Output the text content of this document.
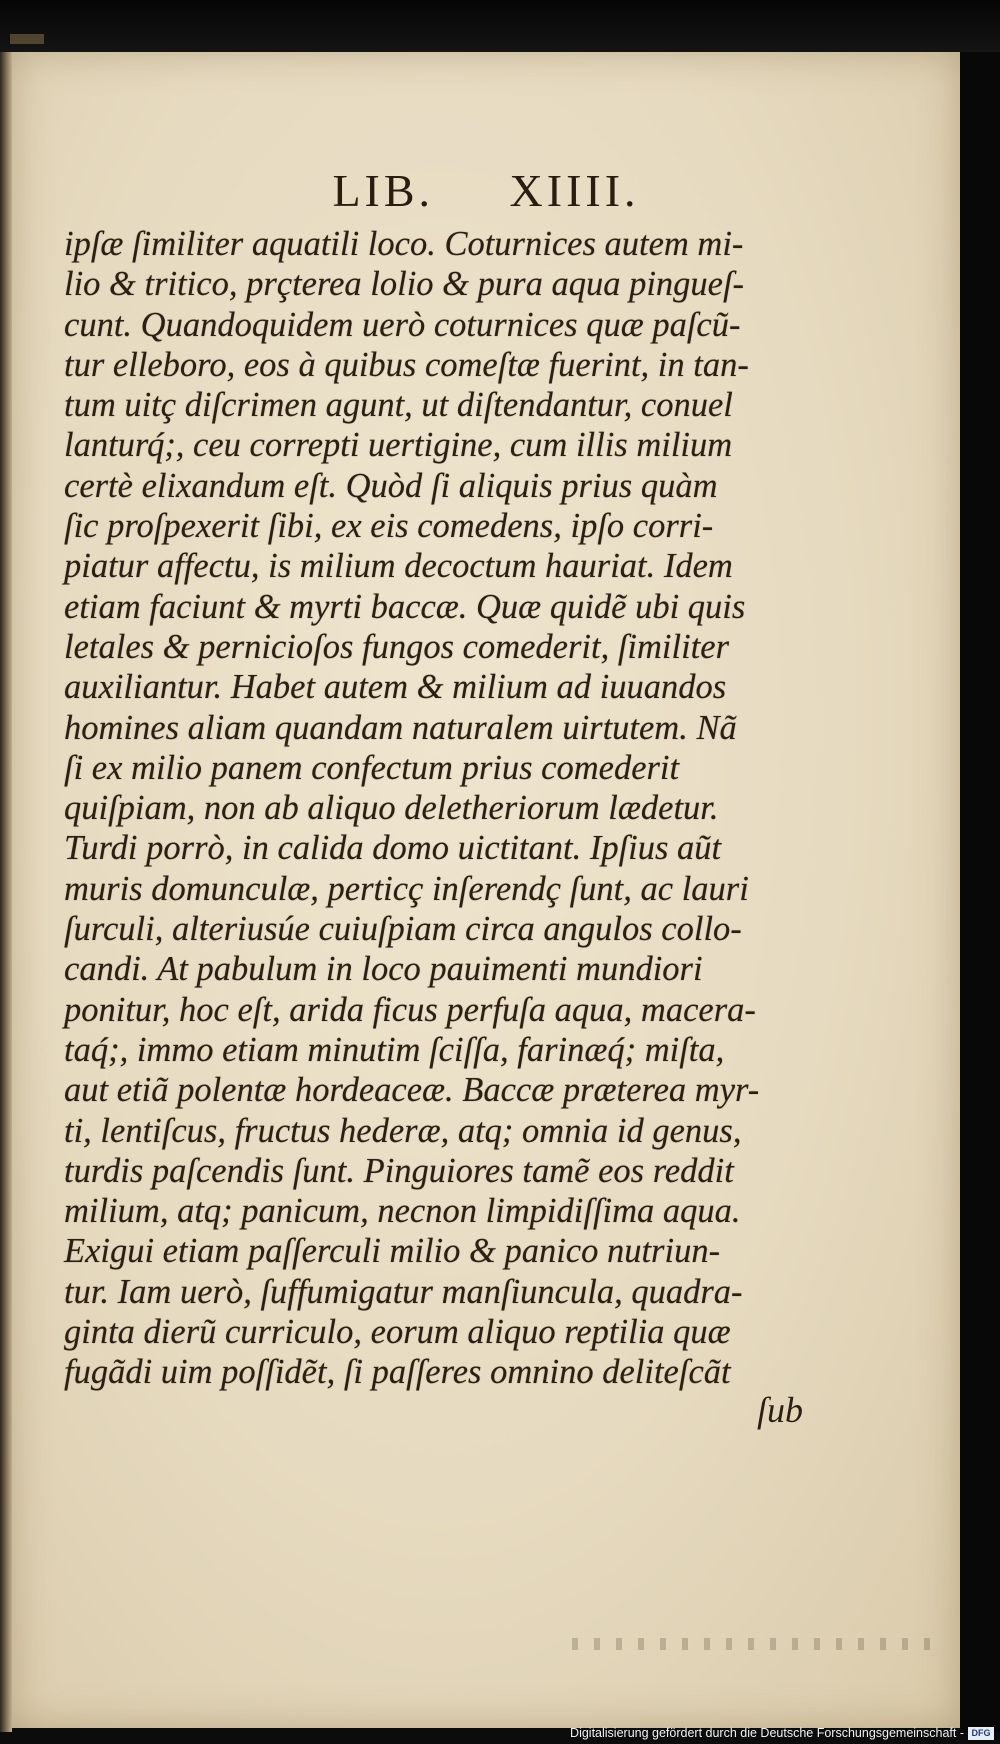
LIB. XIIII.
ipſæ ſimiliter aquatili loco. Coturnices autem mi-
lio & tritico, prçterea lolio & pura aqua pingueſ-
cunt. Quandoquidem uerò coturnices quæ paſcũ-
tur elleboro, eos à quibus comeſtæ fuerint, in tan-
tum uitç diſcrimen agunt, ut diſtendantur, conuel
lanturq́;, ceu correpti uertigine, cum illis milium
certè elixandum eſt. Quòd ſi aliquis prius quàm
ſic proſpexerit ſibi, ex eis comedens, ipſo corri-
piatur affectu, is milium decoctum hauriat. Idem
etiam faciunt & myrti baccæ. Quæ quidẽ ubi quis
letales & pernicioſos fungos comederit, ſimiliter
auxiliantur. Habet autem & milium ad iuuandos
homines aliam quandam naturalem uirtutem. Nã
ſi ex milio panem confectum prius comederit
quiſpiam, non ab aliquo deletheriorum lædetur.
Turdi porrò, in calida domo uictitant. Ipſius aũt
muris domunculæ, perticç inſerendç ſunt, ac lauri
ſurculi, alteriusúe cuiuſpiam circa angulos collo-
candi. At pabulum in loco pauimenti mundiori
ponitur, hoc eſt, arida ficus perfuſa aqua, macera-
taq́;, immo etiam minutim ſciſſa, farinæq́; miſta,
aut etiã polentæ hordeaceæ. Baccæ præterea myr-
ti, lentiſcus, fructus hederæ, atq; omnia id genus,
turdis paſcendis ſunt. Pinguiores tamẽ eos reddit
milium, atq; panicum, necnon limpidiſſima aqua.
Exigui etiam paſſerculi milio & panico nutriun-
tur. Iam uerò, ſuffumigatur manſiuncula, quadra-
ginta dierũ curriculo, eorum aliquo reptilia quæ
fugãdi uim poſſidẽt, ſi paſſeres omnino deliteſcãt
ſub
Digitalisierung gefördert durch die Deutsche Forschungsgemeinschaft - DFG
